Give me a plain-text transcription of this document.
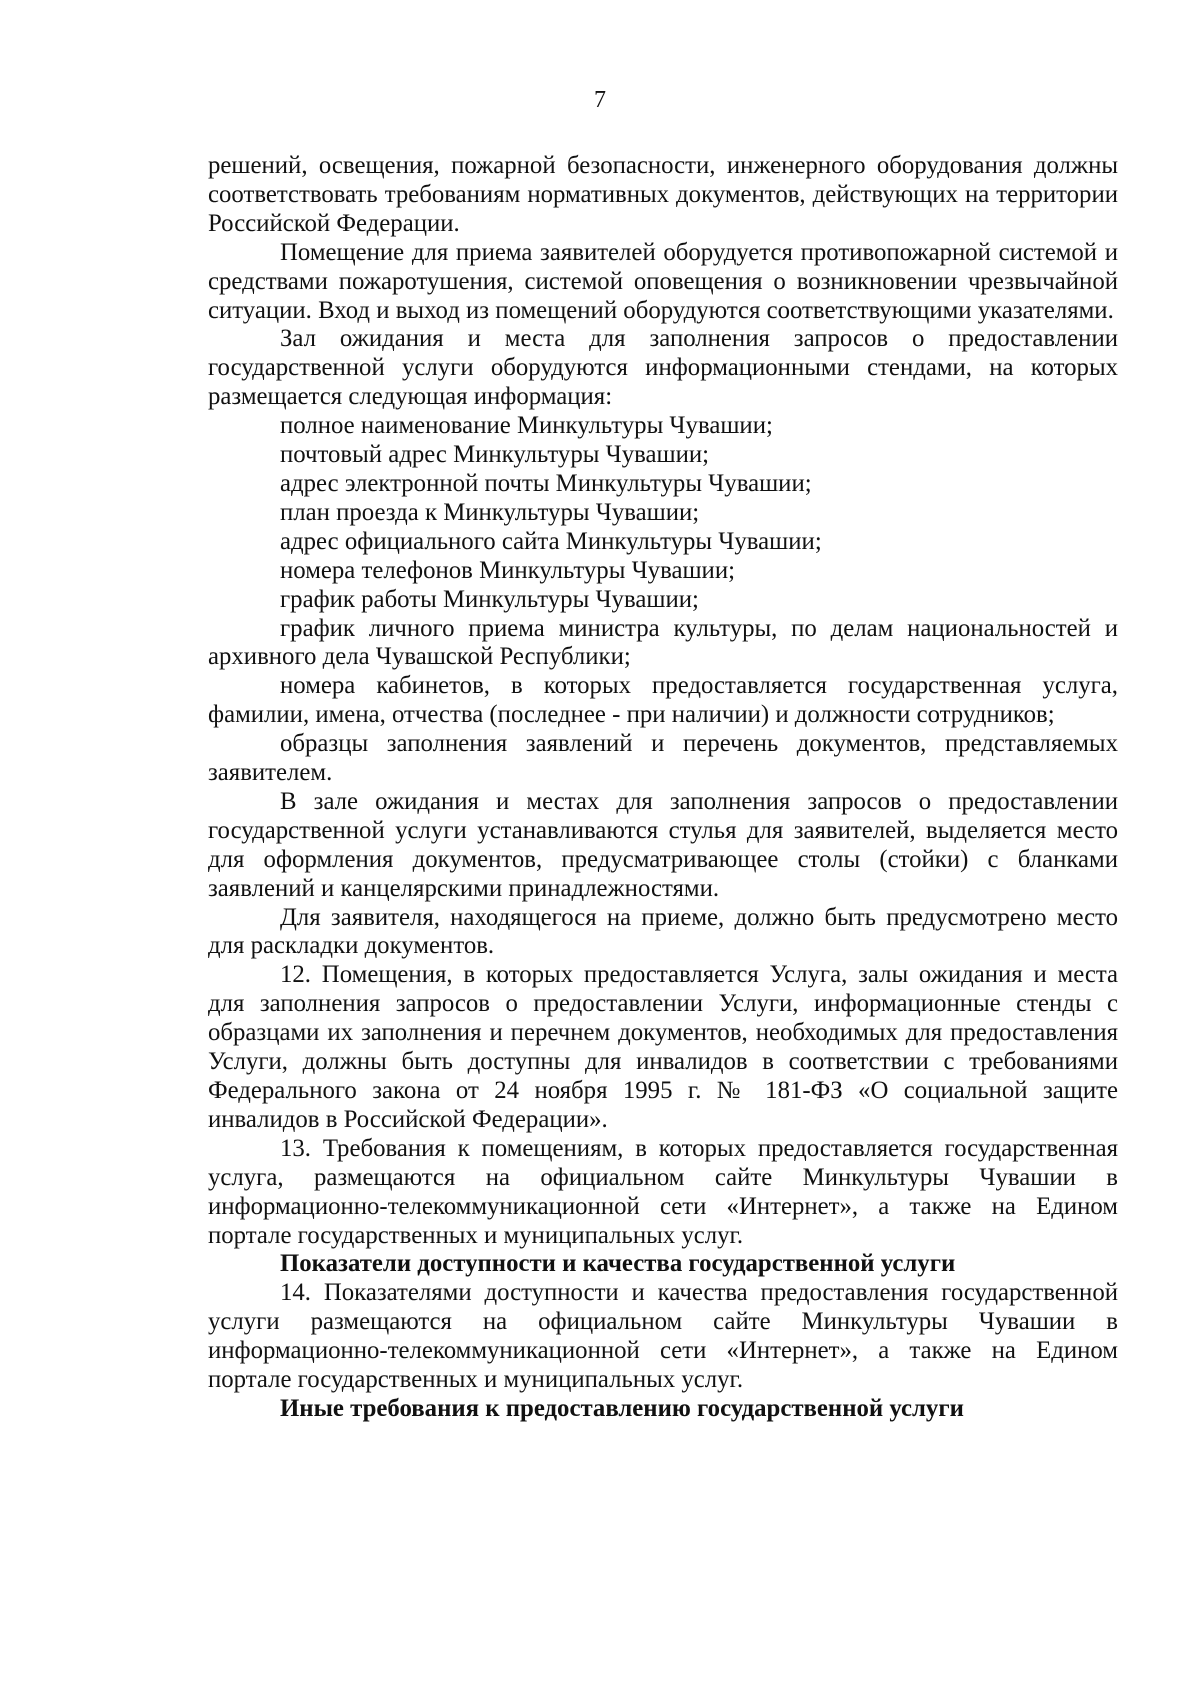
7

решений, освещения, пожарной безопасности, инженерного оборудования должны соответствовать требованиям нормативных документов, действующих на территории Российской Федерации.

Помещение для приема заявителей оборудуется противопожарной системой и средствами пожаротушения, системой оповещения о возникновении чрезвычайной ситуации. Вход и выход из помещений оборудуются соответствующими указателями.

Зал ожидания и места для заполнения запросов о предоставлении государственной услуги оборудуются информационными стендами, на которых размещается следующая информация:

полное наименование Минкультуры Чувашии;

почтовый адрес Минкультуры Чувашии;

адрес электронной почты Минкультуры Чувашии;

план проезда к Минкультуры Чувашии;

адрес официального сайта Минкультуры Чувашии;

номера телефонов Минкультуры Чувашии;

график работы Минкультуры Чувашии;

график личного приема министра культуры, по делам национальностей и архивного дела Чувашской Республики;

номера кабинетов, в которых предоставляется государственная услуга, фамилии, имена, отчества (последнее - при наличии) и должности сотрудников;

образцы заполнения заявлений и перечень документов, представляемых заявителем.

В зале ожидания и местах для заполнения запросов о предоставлении государственной услуги устанавливаются стулья для заявителей, выделяется место для оформления документов, предусматривающее столы (стойки) с бланками заявлений и канцелярскими принадлежностями.

Для заявителя, находящегося на приеме, должно быть предусмотрено место для раскладки документов.

12. Помещения, в которых предоставляется Услуга, залы ожидания и места для заполнения запросов о предоставлении Услуги, информационные стенды с образцами их заполнения и перечнем документов, необходимых для предоставления Услуги, должны быть доступны для инвалидов в соответствии с требованиями Федерального закона от 24 ноября 1995 г. № 181-ФЗ «О социальной защите инвалидов в Российской Федерации».

13. Требования к помещениям, в которых предоставляется государственная услуга, размещаются на официальном сайте Минкультуры Чувашии в информационно-телекоммуникационной сети «Интернет», а также на Едином портале государственных и муниципальных услуг.

Показатели доступности и качества государственной услуги

14. Показателями доступности и качества предоставления государственной услуги размещаются на официальном сайте Минкультуры Чувашии в информационно-телекоммуникационной сети «Интернет», а также на Едином портале государственных и муниципальных услуг.

Иные требования к предоставлению государственной услуги
